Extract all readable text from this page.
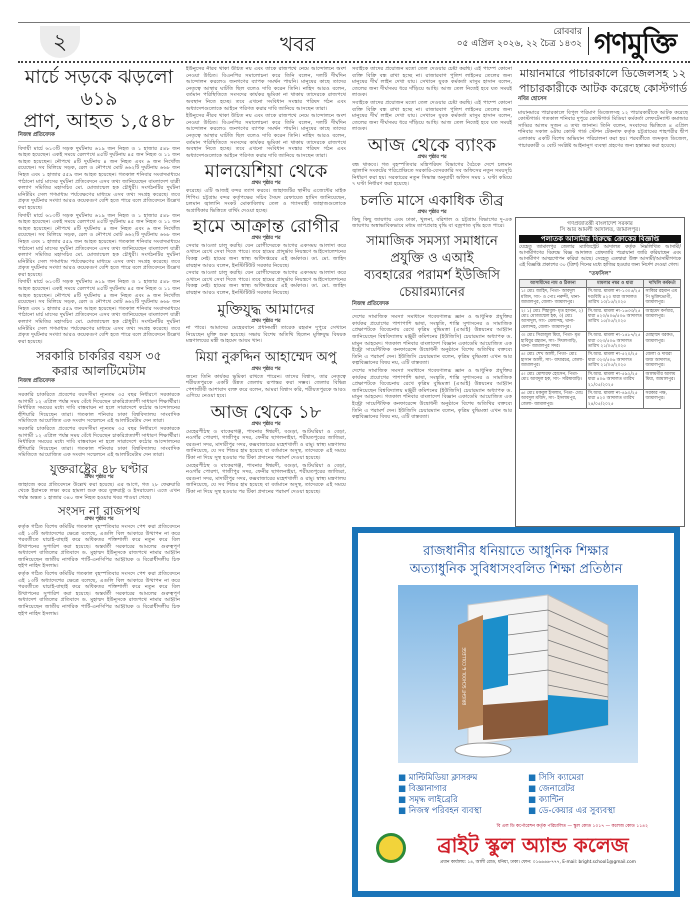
২	খবর	রোববার
০৫ এপ্রিল ২০২৬, ২২ চৈত্র ১৪৩২ গণমুক্তি
মার্চে সড়কে ঝড়লো ৬১৯
প্রাণ, আহত ১,৫৪৮
নিজস্ব প্রতিবেদক

বিদায়ী মার্চে ৬১৩টি সড়ক দুর্ঘটনায় ৬১৯ জন নিহত ও ১ হাজার ৫৪৮ জন আহত হয়েছেন। একই সময়ে রেলপথে ৪৫টি দুর্ঘটনায় ৪৫ জন নিহত ও ১১ জন আহত হয়েছেন। নৌপথে ৪টি দুর্ঘটনায় ৪ জন নিহত এবং ৬ জন নিখোঁজ রয়েছেন। সব মিলিয়ে সড়ক, রেল ও নৌপথে মোট ৬৬২টি দুর্ঘটনায় ৬৬৮ জন নিহত এবং ১ হাজার ৫৫৯ জন আহত হয়েছেন। গতকাল শনিবার সংবাদমাধ্যমে পাঠানো মার্চ মাসের দুর্ঘটনা প্রতিবেদনে এসব তথ্য জানিয়েছেন বাংলাদেশ যাত্রী কল্যাণ সমিতির মহাসচিব মো. মোজাম্মেল হক চৌধুরী। সংগঠনটির দুর্ঘটনা মনিটরিং সেল গণমাধ্যম পর্যবেক্ষণের মাধ্যমে এসব তথ্য সংগ্রহ করেছে। তবে প্রকৃত দুর্ঘটনার সংখ্যা আরও কয়েকগুণ বেশি হতে পারে বলে প্রতিবেদনে উল্লেখ করা হয়েছে।

বিদায়ী মার্চে ৬১৩টি সড়ক দুর্ঘটনায় ৬১৯ জন নিহত ও ১ হাজার ৫৪৮ জন আহত হয়েছেন। একই সময়ে রেলপথে ৪৫টি দুর্ঘটনায় ৪৫ জন নিহত ও ১১ জন আহত হয়েছেন। নৌপথে ৪টি দুর্ঘটনায় ৪ জন নিহত এবং ৬ জন নিখোঁজ রয়েছেন। সব মিলিয়ে সড়ক, রেল ও নৌপথে মোট ৬৬২টি দুর্ঘটনায় ৬৬৮ জন নিহত এবং ১ হাজার ৫৫৯ জন আহত হয়েছেন। গতকাল শনিবার সংবাদমাধ্যমে পাঠানো মার্চ মাসের দুর্ঘটনা প্রতিবেদনে এসব তথ্য জানিয়েছেন বাংলাদেশ যাত্রী কল্যাণ সমিতির মহাসচিব মো. মোজাম্মেল হক চৌধুরী। সংগঠনটির দুর্ঘটনা মনিটরিং সেল গণমাধ্যম পর্যবেক্ষণের মাধ্যমে এসব তথ্য সংগ্রহ করেছে। তবে প্রকৃত দুর্ঘটনার সংখ্যা আরও কয়েকগুণ বেশি হতে পারে বলে প্রতিবেদনে উল্লেখ করা হয়েছে।

বিদায়ী মার্চে ৬১৩টি সড়ক দুর্ঘটনায় ৬১৯ জন নিহত ও ১ হাজার ৫৪৮ জন আহত হয়েছেন। একই সময়ে রেলপথে ৪৫টি দুর্ঘটনায় ৪৫ জন নিহত ও ১১ জন আহত হয়েছেন। নৌপথে ৪টি দুর্ঘটনায় ৪ জন নিহত এবং ৬ জন নিখোঁজ রয়েছেন। সব মিলিয়ে সড়ক, রেল ও নৌপথে মোট ৬৬২টি দুর্ঘটনায় ৬৬৮ জন নিহত এবং ১ হাজার ৫৫৯ জন আহত হয়েছেন। গতকাল শনিবার সংবাদমাধ্যমে পাঠানো মার্চ মাসের দুর্ঘটনা প্রতিবেদনে এসব তথ্য জানিয়েছেন বাংলাদেশ যাত্রী কল্যাণ সমিতির মহাসচিব মো. মোজাম্মেল হক চৌধুরী। সংগঠনটির দুর্ঘটনা মনিটরিং সেল গণমাধ্যম পর্যবেক্ষণের মাধ্যমে এসব তথ্য সংগ্রহ করেছে। তবে প্রকৃত দুর্ঘটনার সংখ্যা আরও কয়েকগুণ বেশি হতে পারে বলে প্রতিবেদনে উল্লেখ করা হয়েছে।

সরকারি চাকরির বয়স ৩৫
করার আলটিমেটাম
নিজস্ব প্রতিবেদক

সরকারি চাকরিতে প্রবেশের বয়সসীমা ন্যূনতম ৩৫ বছর নির্ধারণে সরকারকে আগামী ১২ এপ্রিল পর্যন্ত সময় বেঁধে দিয়েছেন চাকরিপ্রত্যাশী সাধারণ শিক্ষার্থীরা। নির্ধারিত সময়ের মধ্যে দাবি বাস্তবায়ন না হলে সারাদেশে কঠোর আন্দোলনের হুঁশিয়ারি দিয়েছেন তারা। গতকাল শনিবার ঢাকা বিশ্ববিদ্যালয় সাংবাদিক সমিতিতে আয়োজিত এক সংবাদ সম্মেলনে এই আলটিমেটাম দেন তারা।

সরকারি চাকরিতে প্রবেশের বয়সসীমা ন্যূনতম ৩৫ বছর নির্ধারণে সরকারকে আগামী ১২ এপ্রিল পর্যন্ত সময় বেঁধে দিয়েছেন চাকরিপ্রত্যাশী সাধারণ শিক্ষার্থীরা। নির্ধারিত সময়ের মধ্যে দাবি বাস্তবায়ন না হলে সারাদেশে কঠোর আন্দোলনের হুঁশিয়ারি দিয়েছেন তারা। গতকাল শনিবার ঢাকা বিশ্ববিদ্যালয় সাংবাদিক সমিতিতে আয়োজিত এক সংবাদ সম্মেলনে এই আলটিমেটাম দেন তারা।

যুক্তরাষ্ট্রের ৪৮ ঘণ্টার
প্রথম পৃষ্ঠার পর

জাহাজে করে প্রতিবেদনে উল্লেখ করা হয়েছে। এর আগে, গত ২৮ ফেব্রুয়ারি থেকে ইরানকে লক্ষ্য করে হামলা শুরু করে যুক্তরাষ্ট্র ও ইসরায়েল। এতে এখন পর্যন্ত অন্তত ১ হাজার ৩৪০ জন নিহত হওয়ার খবর পাওয়া গেছে।

সংসদ না রাজপথ
প্রথম পৃষ্ঠার পর

কর্তৃক গঠিত বিশেষ কমিটির গতকাল বৃহস্পতিবার সংসদে পেশ করা প্রতিবেদনে এই ১৩টি অধ্যাদেশের ক্ষেত্রে বলেছে, এগুলি বিল আকারে উত্থাপন না করে পরবর্তীতে যাচাই-বাছাই করে অধিকতর শক্তিশালী করে নতুন করে বিল উত্থাপনের সুপারিশ করা হয়েছে। অন্তর্বর্তী সরকারের আমলের গুরুত্বপূর্ণ অধ্যাদেশ বাতিলের প্রতিবাদে ড. মুহাম্মদ ইউনূসকে রাজপথে নামার আহ্বান জানিয়েছেন জাতীয় নাগরিক পার্টি-এনসিপির আহ্বায়ক ও বিরোধীদলীয় চিফ হুইপ নাহিদ ইসলাম।

কর্তৃক গঠিত বিশেষ কমিটির গতকাল বৃহস্পতিবার সংসদে পেশ করা প্রতিবেদনে এই ১৩টি অধ্যাদেশের ক্ষেত্রে বলেছে, এগুলি বিল আকারে উত্থাপন না করে পরবর্তীতে যাচাই-বাছাই করে অধিকতর শক্তিশালী করে নতুন করে বিল উত্থাপনের সুপারিশ করা হয়েছে। অন্তর্বর্তী সরকারের আমলের গুরুত্বপূর্ণ অধ্যাদেশ বাতিলের প্রতিবাদে ড. মুহাম্মদ ইউনূসকে রাজপথে নামার আহ্বান জানিয়েছেন জাতীয় নাগরিক পার্টি-এনসিপির আহ্বায়ক ও বিরোধীদলীয় চিফ হুইপ নাহিদ ইসলাম।

ইউনুসের নীরব থাকা উচিত নয় এবং তাকে রাজপথে নেমে আন্দোলনে অংশ নেওয়া উচিত। বিএনপির সমালোচনা করে তিনি বলেন, দলটি দীর্ঘদিন আন্দোলন করলেও জনগণের ব্যাপক সমর্থন পায়নি। মানুষের কাছে তাদের নেতৃত্বে আস্থার ঘাটতি ছিল বলেও দাবি করেন তিনি। নাহিদ আরও বলেন, বর্তমান পরিস্থিতিতে সংসদের কার্যকর ভূমিকা না থাকায় তাদেরকে রাজপথে অবস্থান নিতে হচ্ছে। তবে এখনো সংবিধান সংস্কার পরিষদ গঠন এবং অধ্যাদেশগুলোকে আইনে পরিণত করার দাবি জানিয়ে আসছেন তারা।

ইউনুসের নীরব থাকা উচিত নয় এবং তাকে রাজপথে নেমে আন্দোলনে অংশ নেওয়া উচিত। বিএনপির সমালোচনা করে তিনি বলেন, দলটি দীর্ঘদিন আন্দোলন করলেও জনগণের ব্যাপক সমর্থন পায়নি। মানুষের কাছে তাদের নেতৃত্বে আস্থার ঘাটতি ছিল বলেও দাবি করেন তিনি। নাহিদ আরও বলেন, বর্তমান পরিস্থিতিতে সংসদের কার্যকর ভূমিকা না থাকায় তাদেরকে রাজপথে অবস্থান নিতে হচ্ছে। তবে এখনো সংবিধান সংস্কার পরিষদ গঠন এবং অধ্যাদেশগুলোকে আইনে পরিণত করার দাবি জানিয়ে আসছেন তারা।

মালয়েশিয়া থেকে
প্রথম পৃষ্ঠার পর

করেছে। এটি আজই বন্দর ত্যাগ করবে। জাহাজটির স্থানীয় এজেন্টের মাইক শিপিং। চট্টগ্রাম বন্দর কর্তৃপক্ষের সচিব সৈয়দ রেফায়েত হামিদ জানিয়েছেন, চলমান জ্বালানি সংকট মোকাবিলায় তেল ও গ্যাসবাহী জাহাজগুলোকে অগ্রাধিকার ভিত্তিতে বার্থিং দেওয়া হচ্ছে।

হামে আক্রান্ত রোগীর
প্রথম পৃষ্ঠার পর

সেবার আওতা চালু করছি। যেন রোগীদেরকে আগের একসময় আলাদা করে ওখানে রেখে সেবা দিতে পারে। তবে হামের প্রাদুর্ভাব নিয়ন্ত্রণে আইসোলেশনের বিকল্প নেই। হামের জন্য স্বাস্থ্য অধিদপ্তরের এই কর্মকাণ্ড। ডা. মো. জাহিদ রায়হান আরও বলেন, ইনস্টিটিউট সরকার নিয়েছে।

সেবার আওতা চালু করছি। যেন রোগীদেরকে আগের একসময় আলাদা করে ওখানে রেখে সেবা দিতে পারে। তবে হামের প্রাদুর্ভাব নিয়ন্ত্রণে আইসোলেশনের বিকল্প নেই। হামের জন্য স্বাস্থ্য অধিদপ্তরের এই কর্মকাণ্ড। ডা. মো. জাহিদ রায়হান আরও বলেন, ইনস্টিটিউট সরকার নিয়েছে।

মুক্তিযুদ্ধ আমাদের
প্রথম পৃষ্ঠার পর

না পারে। আমাদের মেহেরবানে প্রধানমন্ত্রী তারেক রহমান দুপুরে সেখানে নিয়েছেন মুক্তি শুরু হয়েছে। সভায় বিশেষ অতিথি ছিলেন মুক্তিযুদ্ধ বিষয়ক মন্ত্রণালয়ের মন্ত্রী আহমেদ আযম খান।

মিয়া নুরুদ্দিন আহাম্মেদ অপু
প্রথম পৃষ্ঠার পর

জন্যে তিনি কার্যকর ভূমিকা রাখতে পারেন। তাদের বিশ্বাস, তার নেতৃত্বে শরীয়তপুরকে একটি উন্নত জেলায় রূপান্তর করা সম্ভব। জেলার বিভিন্ন পেশাজীবী আশাবাদ ব্যক্ত করে বলেন, আমরা বিশ্বাস করি, শরীয়তপুরকে আরও এগিয়ে নেওয়া হবে।

আজ থেকে ১৮
প্রথম পৃষ্ঠার পর

মেহেরপীঠস্থ ও বাকেরগঞ্জ, পাবনার ঈশ্বরদী, বগুড়া, আটঘরিয়া ও বেড়া, নওগাঁর পোরশা, গাজীপুর সদর, ফেনীর ছাগলনাইয়া, শরীয়তপুরের জাজিরা, বরগুনা সদর, মাদারীপুর সদর, কক্সবাজারের মহেশখালী ও রামু। স্বাস্থ্য মন্ত্রণালয় জানিয়েছে, যে সব শিশুর হাম হয়েছে বা বর্তমানে অসুস্থ, তাদেরকে এই সময়ে টিকা না দিয়ে সুস্থ হওয়ার পর টিকা প্রদানের পরামর্শ দেওয়া হয়েছে।

মেহেরপীঠস্থ ও বাকেরগঞ্জ, পাবনার ঈশ্বরদী, বগুড়া, আটঘরিয়া ও বেড়া, নওগাঁর পোরশা, গাজীপুর সদর, ফেনীর ছাগলনাইয়া, শরীয়তপুরের জাজিরা, বরগুনা সদর, মাদারীপুর সদর, কক্সবাজারের মহেশখালী ও রামু। স্বাস্থ্য মন্ত্রণালয় জানিয়েছে, যে সব শিশুর হাম হয়েছে বা বর্তমানে অসুস্থ, তাদেরকে এই সময়ে টিকা না দিয়ে সুস্থ হওয়ার পর টিকা প্রদানের পরামর্শ দেওয়া হয়েছে।

সবাইকে তাদের প্রয়োজন মতো তেল দেওয়ার চেষ্টা করছি। এই পাম্পে কোনো ব্যক্তি বিক্রি বন্ধ রাখা হচ্ছে না। রাজারবাগ পুলিশ লাইনের তেলের জন্য মানুষের দীর্ঘ লাইন দেখা যায়। সেখানে যুবক কর্মকর্তা মাসুম হাসান বলেন, তেলের জন্য দীর্ঘসময় ধরে দাঁড়িয়ে আছি। আজ তেল নিতেই হবে যত সময়ই লাগুক।

সবাইকে তাদের প্রয়োজন মতো তেল দেওয়ার চেষ্টা করছি। এই পাম্পে কোনো ব্যক্তি বিক্রি বন্ধ রাখা হচ্ছে না। রাজারবাগ পুলিশ লাইনের তেলের জন্য মানুষের দীর্ঘ লাইন দেখা যায়। সেখানে যুবক কর্মকর্তা মাসুম হাসান বলেন, তেলের জন্য দীর্ঘসময় ধরে দাঁড়িয়ে আছি। আজ তেল নিতেই হবে যত সময়ই লাগুক।

আজ থেকে ব্যাংক
প্রথম পৃষ্ঠার পর

বন্ধ থাকবে। গত বৃহস্পতিবার মন্ত্রিপরিষদ বিভাগের বৈঠকে দেশে চলমান জ্বালানি সংকটের পরিপ্রেক্ষিতে সরকারি-বেসরকারি সব অফিসের নতুন সময়সূচি নির্ধারণ করা হয়। সরকারের নতুন সিদ্ধান্ত অনুযায়ী অফিস সময় ১ ঘণ্টা কমিয়ে ৭ ঘণ্টা নির্ধারণ করা হয়েছে।

চলতি মাসে একাধিক তীব্র
প্রথম পৃষ্ঠার পর

কিছু কিছু জায়গায় এবং ঢাকা, খুলনা, বরিশাল ও চট্টগ্রাম বিভাগের দু-এক জায়গায় অস্বাভাবিকভাবে মধ্যম তাপপ্রবাহ বৃদ্ধি বা বজ্রপাত বৃদ্ধি হতে পারে।

সামাজিক সমস্যা সমাধানে প্রযুক্তি ও এআই
ব্যবহারের পরামর্শ ইউজিসি চেয়ারম্যানের
নিজস্ব প্রতিবেদক

দেশের সামাজিক সমস্যা সমাধানে গবেষণালব্ধ জ্ঞান ও আধুনিক প্রযুক্তির কার্যকর প্রয়োগের পাশাপাশি ভাষা, সংস্কৃতি, শান্তি সুশাসনের ও সামাজিক প্রেক্ষাপটকে বিবেচনায় রেখে কৃত্রিম বুদ্ধিমত্তা (এআই) উন্নয়নের আহ্বান জানিয়েছেন বিশ্ববিদ্যালয় মঞ্জুরী কমিশনের (ইউজিসি) চেয়ারম্যান অধ্যাপক ড. মামুন আহমেদ। গতকাল শনিবার বাংলাদেশ বিজ্ঞান একাডেমি আয়োজিত এক ইন্ট্রো সায়েন্টিফিক কনফারেন্সে উদ্বোধনী অনুষ্ঠানে বিশেষ অতিথির বক্তব্যে তিনি এ পরামর্শ দেন। ইউজিসি চেয়ারম্যান বলেন, কৃত্রিম বুদ্ধিমত্তা এখন আর কল্পবিজ্ঞানের বিষয় নয়, এটি বাস্তবতা।

দেশের সামাজিক সমস্যা সমাধানে গবেষণালব্ধ জ্ঞান ও আধুনিক প্রযুক্তির কার্যকর প্রয়োগের পাশাপাশি ভাষা, সংস্কৃতি, শান্তি সুশাসনের ও সামাজিক প্রেক্ষাপটকে বিবেচনায় রেখে কৃত্রিম বুদ্ধিমত্তা (এআই) উন্নয়নের আহ্বান জানিয়েছেন বিশ্ববিদ্যালয় মঞ্জুরী কমিশনের (ইউজিসি) চেয়ারম্যান অধ্যাপক ড. মামুন আহমেদ। গতকাল শনিবার বাংলাদেশ বিজ্ঞান একাডেমি আয়োজিত এক ইন্ট্রো সায়েন্টিফিক কনফারেন্সে উদ্বোধনী অনুষ্ঠানে বিশেষ অতিথির বক্তব্যে তিনি এ পরামর্শ দেন। ইউজিসি চেয়ারম্যান বলেন, কৃত্রিম বুদ্ধিমত্তা এখন আর কল্পবিজ্ঞানের বিষয় নয়, এটি বাস্তবতা।

মায়ানমারে পাচারকালে ডিজেলসহ ১২
পাচারকারীকে আটক করেছে কোস্টগার্ড
নবির হোসেন

মায়ানমারে পাচারকালে বিপুল পরিমাণ ডিজেলসহ ১২ পাচারকারীকে আটক করেছে কোস্টগার্ড। গতকাল শনিবার দুপুরে কোস্টগার্ড মিডিয়া কর্মকর্তা লেফটেন্যান্ট কমান্ডার সাব্বির আলম সুজন এ তথ্য জানান। তিনি বলেন, সংবাদের ভিত্তিতে ৪ এপ্রিল শনিবার সকাল ৬টায় কোস্ট গার্ড স্টেশন টেকনাফ কর্তৃক চট্টগ্রামের শাহপরীর দ্বীপ এলাকায় একটি বিশেষ অভিযান পরিচালনা করা হয়। পরবর্তীতে জব্দকৃত ডিজেল, পাচারকারী ও বোট সংশ্লিষ্ট আইনানুগ ব্যবস্থা গ্রহণের জন্য হস্তান্তর করা হয়েছে।

গণপ্রজাতন্ত্রী বাংলাদেশ সরকার
সি আর আমলী আদালত, জামালপুর।
পলাতক আসামীর বিরুদ্ধে ক্রোকের বিজ্ঞপ্তি

যেহেতু জামালপুর জেলার ম্যাজিস্ট্রেট আদালত কর্তৃক নিম্নলিখিত আসামী/আসামীগণের বিরুদ্ধে বিজ্ঞ আদালত গ্রেফতারি পরোয়ানা জারি করিয়াছেন এবং আসামীগণ আত্মগোপন করিয়া আছে। সেহেতু এতদ্বারা উক্ত আসামী/আসামীগণকে এই বিজ্ঞপ্তি প্রকাশের ৩০ (ত্রিশ) দিনের মধ্যে হাজির হওয়ার জন্য নির্দেশ দেওয়া গেল।

"তফসিল"
আসামীদের নাম ও ঠিকানা	মামলার নম্বর ও ধারা	দাখিলি কর্মকর্তা
১। মোঃ জাহিদ, পিতা- আবদুল মজিদ, সাং- ও পোঃ নরুন্দী, থানা- জামালপুর, জেলা- জামালপুর।	সি.আর. মামলা নং-১৩০৫/২৫ দণ্ডবিধি ৪২০ ধারা আদালত তারিখ ১০/১৫/২০২৫	সাব্বির রহমান এম পি ভুক্তিভোগী, জামালপুর।
২। ১) মোঃ শিহাবুল- মৃত হাসান, ২) মোঃ মোজাম্মেল হক, ৩) মোঃ আসাদুল, সাং- মেলান্দহ, থানা- মেলান্দহ, জেলা- জামালপুর।	সি.আর. মামলা নং-১৬৩৩/২৫ ধারা ৪২০/৪০৬/৫০৬ আদালত তারিখ ১৫/০৫/২০২৫	আহমেদ কর্ণধার, জামালপুর।
৩। মোঃ সিরাজুল মিয়া, পিতা- মৃত হাবিবুর রহমান, সাং- দিঘলগাড়ি, থানা- জামালপুর সদর।	সি.আর. মামলা নং-১৪৮৭/২৫ ধারা ৩২৩/৫০৬ আদালত তারিখ ২১/০৫/২০২৫	মোহাম্মদ বরকত, জামালপুর।
৪। মোঃ শেখ আলী, পিতা- মোঃ হাসান আলী, সাং- বাঘারচর, জেলা- জামালপুর।	সি.আর. মামলা নং-৫২০/২৫ ধারা ৩২৩/৫০৬ আদালত তারিখ ২১/০৫/২০২৫	জেলা ও দায়রা জজ আদালত, জামালপুর।
৫। মোঃ মোশারফ হোসেন, পিতা- মোঃ আবদুল হক, সাং- সরিষাবাড়ি।	সি.আর. মামলা নং-৫৯২/২৫ ধারা ৪০৬ আদালত তারিখ ২১/০৫/২০২৫	আলমগীর আলম মিয়া, জামালপুর।
৬। মোঃ মকবুল ইসলাম, পিতা- মোঃ আবদুল মজিদ, সাং- ইসলামপুর, জেলা- জামালপুর।	সি.আর. মামলা নং-৪৯০/২৫ ধারা ৪২০ আদালত তারিখ ২৪/০৫/২০২৫	সরকার পক্ষ, জামালপুর।
রাজধানীর ধনিয়াতে আধুনিক শিক্ষার
অত্যাধুনিক সুবিধাসংবলিত শিক্ষা প্রতিষ্ঠান
BRIGHT SCHOOL & COLLEGE
■ মাল্টিমিডিয়া ক্লাসরুম
■ বিজ্ঞানাগার
■ সমৃদ্ধ লাইব্রেরি
■ নিজস্ব পরিবহন ব্যবস্থা
■ সিসি ক্যামেরা
■ জেনারেটর
■ ক্যান্টিন
■ ডে-কেয়ার এর সুব্যবস্থা
বি এল ডি কর্পোরেশন কর্তৃক পরিচালিত — স্কুল কোড ১০১৭ — কলেজ কোড ১১৪২
ব্রাইট স্কুল অ্যান্ড কলেজ
প্রধান কার্যালয়: ১৪, আলী রোড, ধনিয়া, ঢাকা। ফোন: ০১৬৬৬৬-৭৭৭, E-mail: bright.school1@gmail.com
